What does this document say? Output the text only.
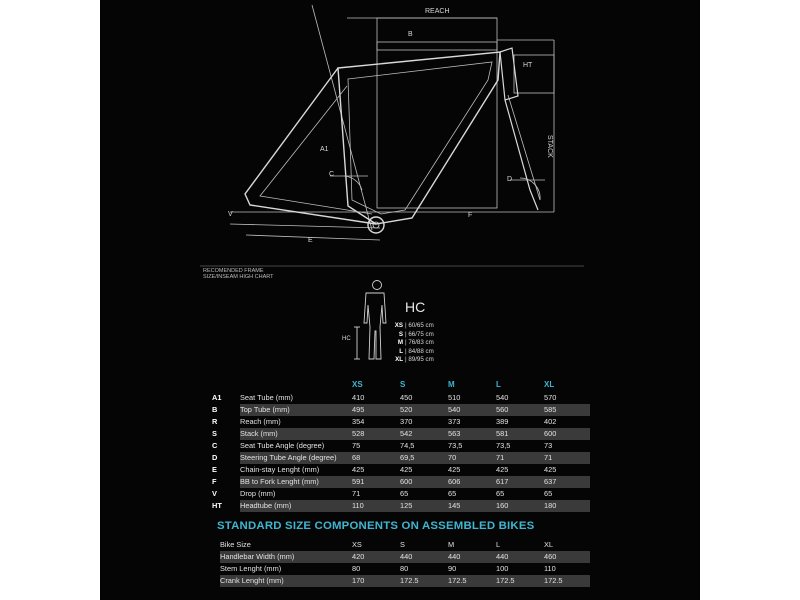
REACH
B
HT
STACK
A1
C
D
F
E
V
RECOMENDED FRAME
SIZE/INSEAM HIGH CHART
HC
HC
XS | 60/65 cm
S | 66/75 cm
M | 76/83 cm
L | 84/88 cm
XL | 89/95 cm
		XS	S	M	L	XL
A1	Seat Tube (mm)	410	450	510	540	570
B	Top Tube (mm)	495	520	540	560	585
R	Reach (mm)	354	370	373	389	402
S	Stack (mm)	528	542	563	581	600
C	Seat Tube Angle (degree)	75	74,5	73,5	73,5	73
D	Steering Tube Angle (degree)	68	69,5	70	71	71
E	Chain-stay Lenght (mm)	425	425	425	425	425
F	BB to Fork Lenght (mm)	591	600	606	617	637
V	Drop (mm)	71	65	65	65	65
HT	Headtube (mm)	110	125	145	160	180
STANDARD SIZE COMPONENTS ON ASSEMBLED BIKES
	Bike Size	XS	S	M	L	XL
	Handlebar Width (mm)	420	440	440	440	460
	Stem Lenght (mm)	80	80	90	100	110
	Crank Lenght (mm)	170	172.5	172.5	172.5	172.5
